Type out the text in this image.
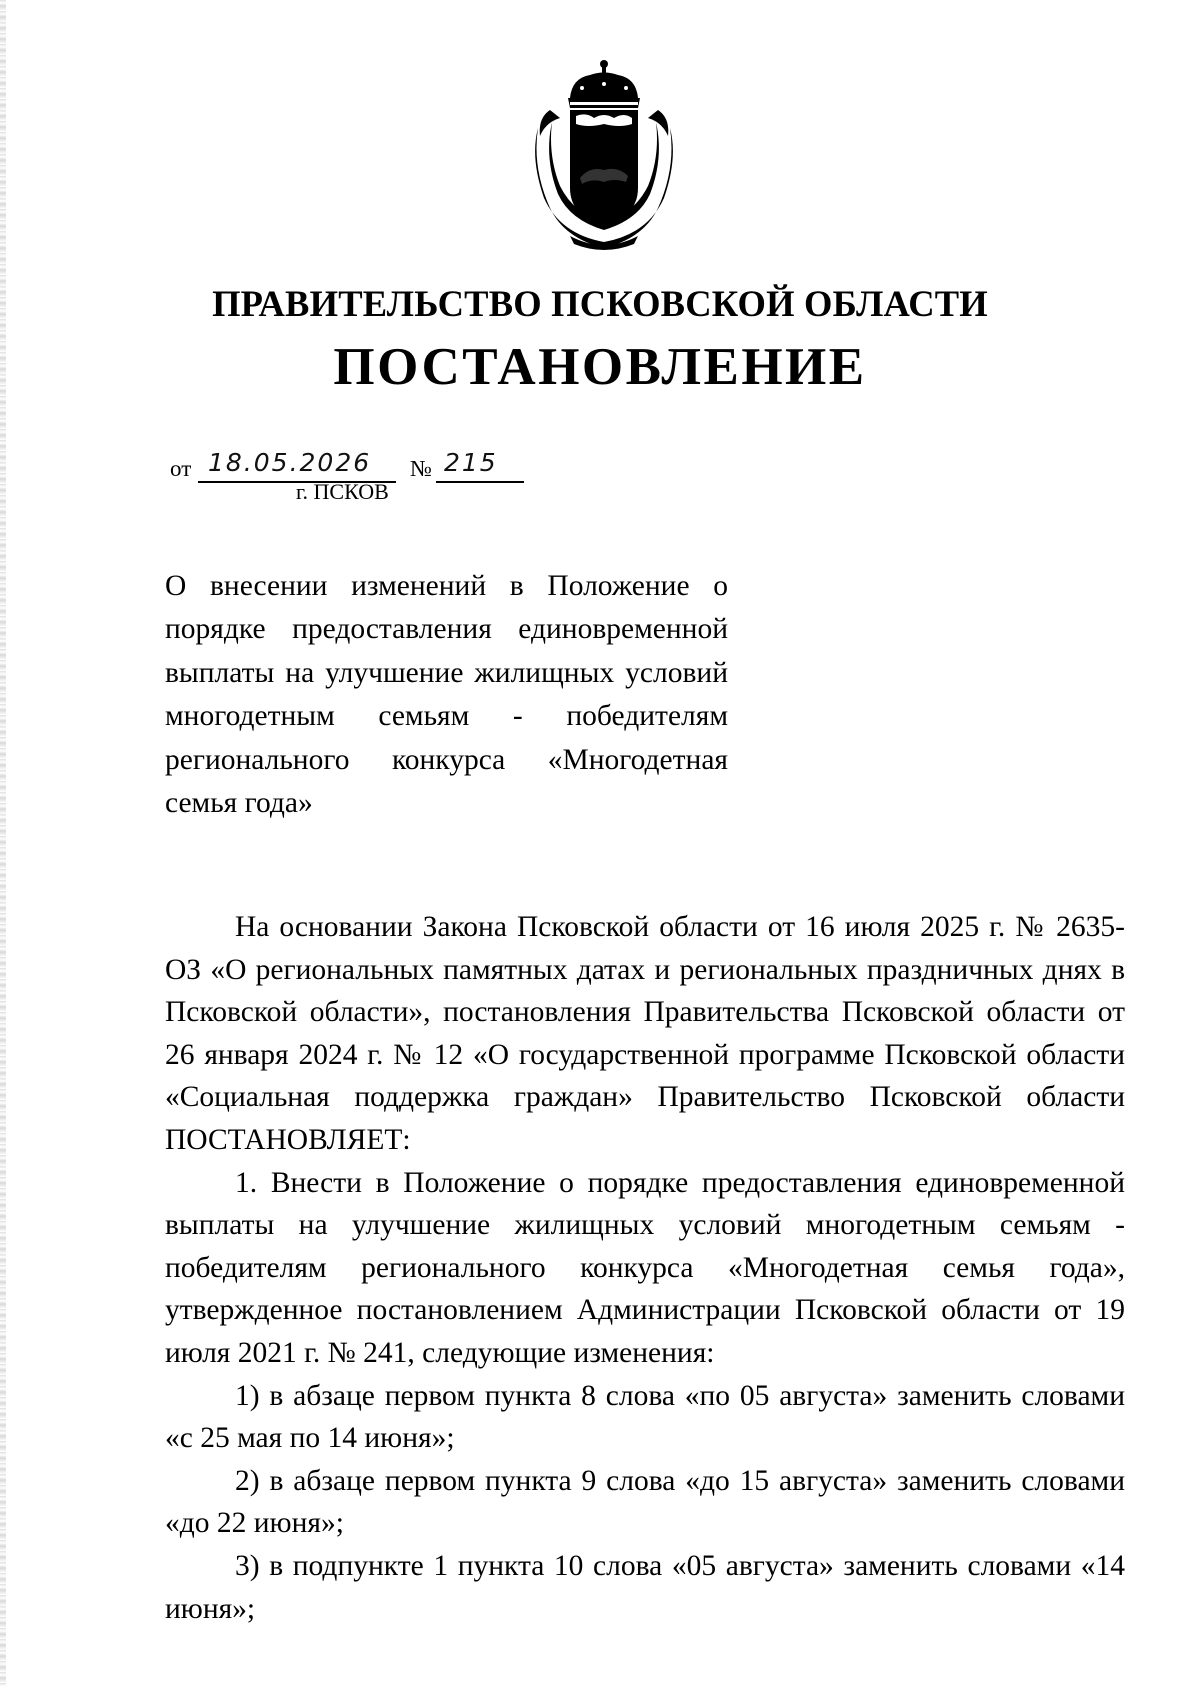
ПРАВИТЕЛЬСТВО ПСКОВСКОЙ ОБЛАСТИ
ПОСТАНОВЛЕНИЕ
от 18.05.2026 № 215
г. ПСКОВ
О внесении изменений в Положение о порядке предоставления единовременной выплаты на улучшение жилищных условий многодетным семьям - победителям регионального конкурса «Многодетная семья года»

На основании Закона Псковской области от 16 июля 2025 г. № 2635-ОЗ «О региональных памятных датах и региональных праздничных днях в Псковской области», постановления Правительства Псковской области от 26 января 2024 г. № 12 «О государственной программе Псковской области «Социальная поддержка граждан» Правительство Псковской области ПОСТАНОВЛЯЕТ:

1. Внести в Положение о порядке предоставления единовременной выплаты на улучшение жилищных условий многодетным семьям - победителям регионального конкурса «Многодетная семья года», утвержденное постановлением Администрации Псковской области от 19 июля 2021 г. № 241, следующие изменения:

1) в абзаце первом пункта 8 слова «по 05 августа» заменить словами «с 25 мая по 14 июня»;

2) в абзаце первом пункта 9 слова «до 15 августа» заменить словами «до 22 июня»;

3) в подпункте 1 пункта 10 слова «05 августа» заменить словами «14 июня»;
